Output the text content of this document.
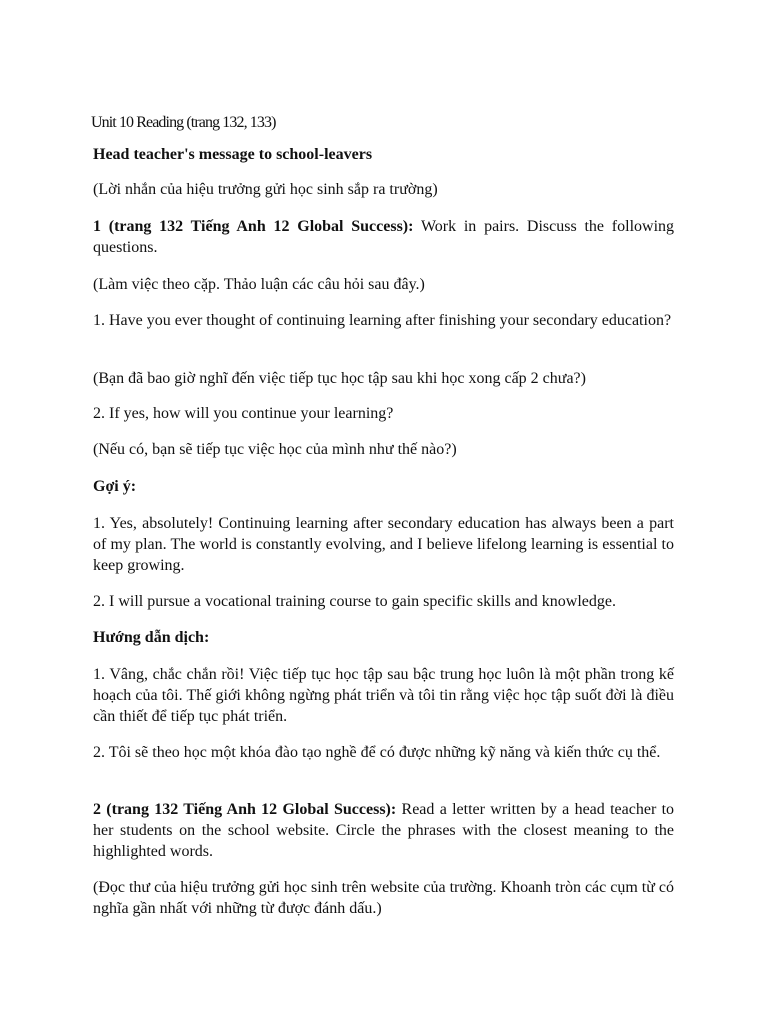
Unit 10 Reading (trang 132, 133)

Head teacher's message to school-leavers

(Lời nhắn của hiệu trưởng gửi học sinh sắp ra trường)

1 (trang 132 Tiếng Anh 12 Global Success): Work in pairs. Discuss the following questions.

(Làm việc theo cặp. Thảo luận các câu hỏi sau đây.)

1. Have you ever thought of continuing learning after finishing your secondary education?

(Bạn đã bao giờ nghĩ đến việc tiếp tục học tập sau khi học xong cấp 2 chưa?)

2. If yes, how will you continue your learning?

(Nếu có, bạn sẽ tiếp tục việc học của mình như thế nào?)

Gợi ý:

1. Yes, absolutely! Continuing learning after secondary education has always been a part of my plan. The world is constantly evolving, and I believe lifelong learning is essential to keep growing.

2. I will pursue a vocational training course to gain specific skills and knowledge.

Hướng dẫn dịch:

1. Vâng, chắc chắn rồi! Việc tiếp tục học tập sau bậc trung học luôn là một phần trong kế hoạch của tôi. Thế giới không ngừng phát triển và tôi tin rằng việc học tập suốt đời là điều cần thiết để tiếp tục phát triển.

2. Tôi sẽ theo học một khóa đào tạo nghề để có được những kỹ năng và kiến thức cụ thể.

2 (trang 132 Tiếng Anh 12 Global Success): Read a letter written by a head teacher to her students on the school website. Circle the phrases with the closest meaning to the highlighted words.

(Đọc thư của hiệu trưởng gửi học sinh trên website của trường. Khoanh tròn các cụm từ có nghĩa gần nhất với những từ được đánh dấu.)
